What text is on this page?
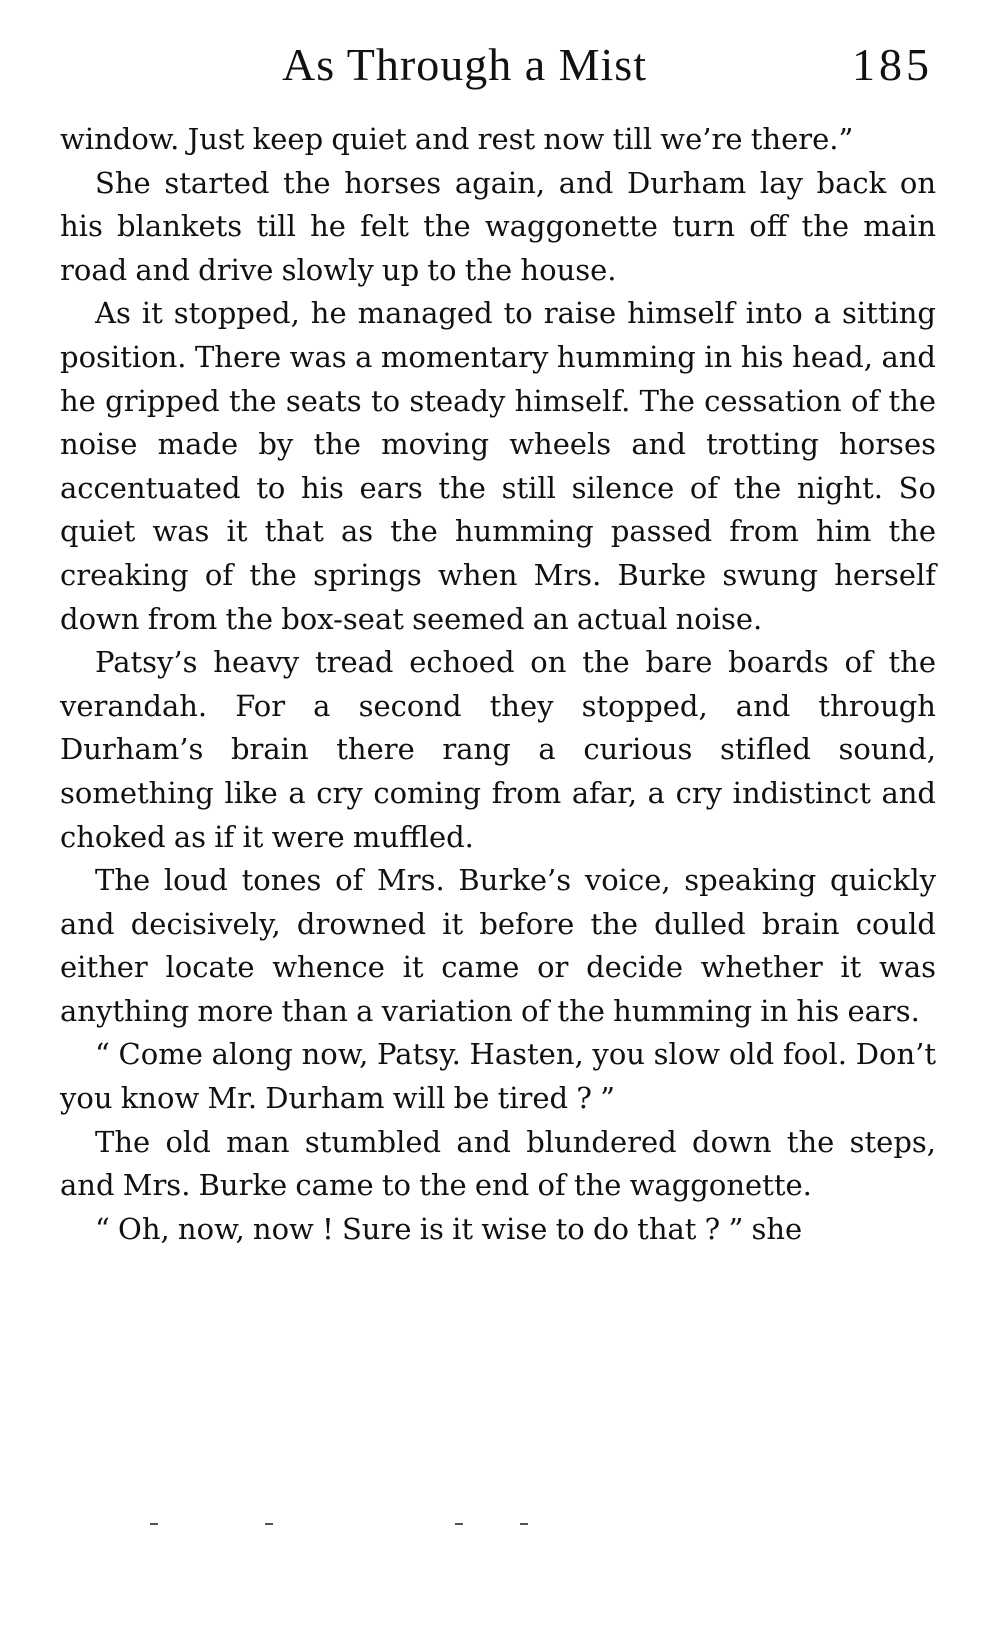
As Through a Mist	185

window. Just keep quiet and rest now till we’re there.”

She started the horses again, and Durham lay back on his blankets till he felt the waggonette turn off the main road and drive slowly up to the house.

As it stopped, he managed to raise himself into a sitting position. There was a momentary humming in his head, and he gripped the seats to steady himself. The cessation of the noise made by the moving wheels and trotting horses accentuated to his ears the still silence of the night. So quiet was it that as the humming passed from him the creaking of the springs when Mrs. Burke swung herself down from the box-seat seemed an actual noise.

Patsy’s heavy tread echoed on the bare boards of the verandah. For a second they stopped, and through Durham’s brain there rang a curious stifled sound, something like a cry coming from afar, a cry indistinct and choked as if it were muffled.

The loud tones of Mrs. Burke’s voice, speaking quickly and decisively, drowned it before the dulled brain could either locate whence it came or decide whether it was anything more than a variation of the humming in his ears.

“ Come along now, Patsy. Hasten, you slow old fool. Don’t you know Mr. Durham will be tired ? ”

The old man stumbled and blundered down the steps, and Mrs. Burke came to the end of the waggonette.

“ Oh, now, now ! Sure is it wise to do that ? ” she
